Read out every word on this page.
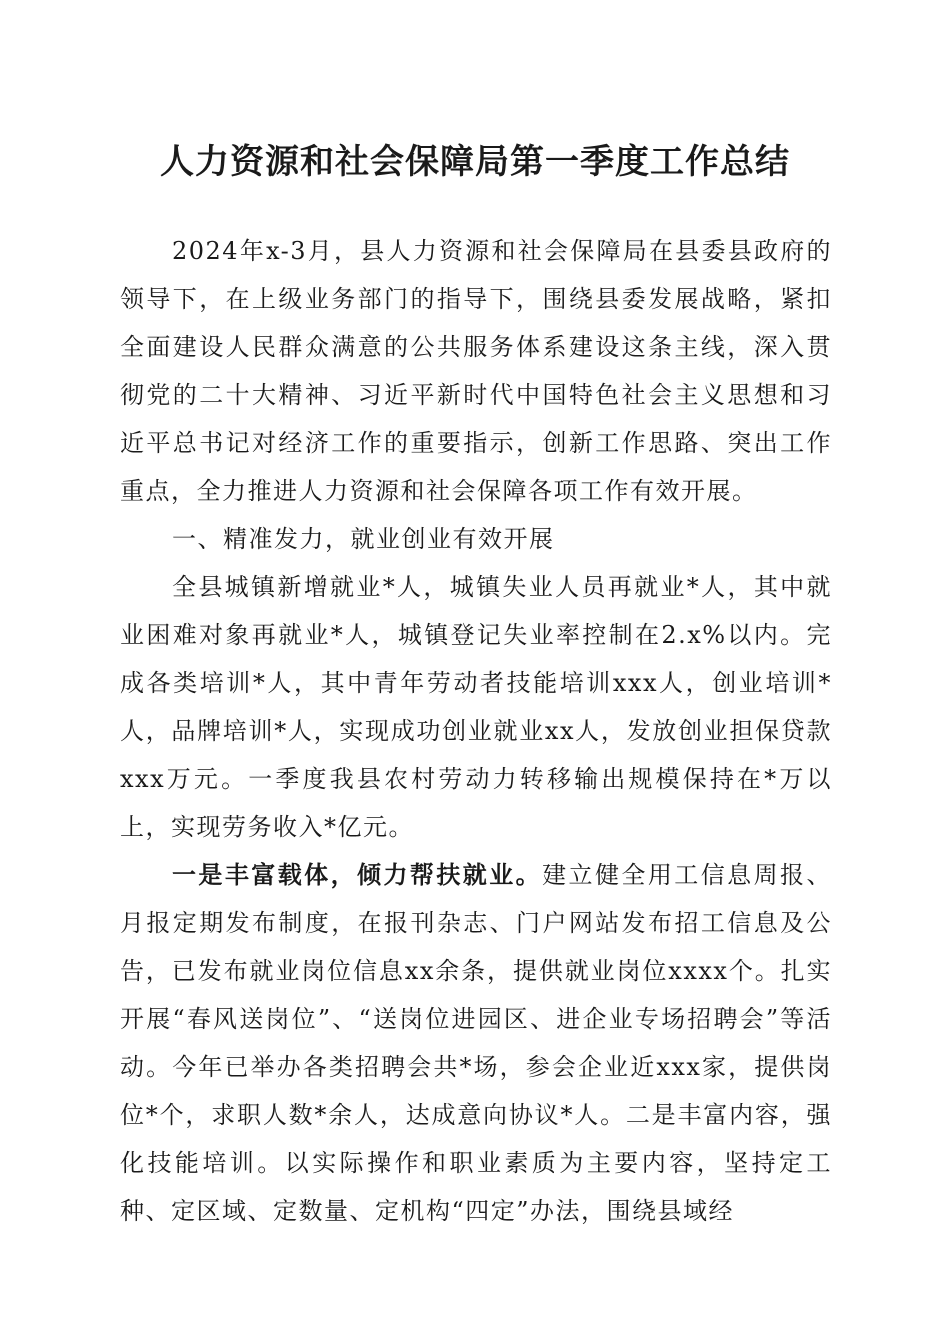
人力资源和社会保障局第一季度工作总结

2024年x-3月，县人力资源和社会保障局在县委县政府的领导下，在上级业务部门的指导下，围绕县委发展战略，紧扣全面建设人民群众满意的公共服务体系建设这条主线，深入贯彻党的二十大精神、习近平新时代中国特色社会主义思想和习近平总书记对经济工作的重要指示，创新工作思路、突出工作重点，全力推进人力资源和社会保障各项工作有效开展。

一、精准发力，就业创业有效开展

全县城镇新增就业*人，城镇失业人员再就业*人，其中就业困难对象再就业*人，城镇登记失业率控制在2.x%以内。完成各类培训*人，其中青年劳动者技能培训xxx人，创业培训*人，品牌培训*人，实现成功创业就业xx人，发放创业担保贷款xxx万元。一季度我县农村劳动力转移输出规模保持在*万以上，实现劳务收入*亿元。

一是丰富载体，倾力帮扶就业。建立健全用工信息周报、月报定期发布制度，在报刊杂志、门户网站发布招工信息及公告，已发布就业岗位信息xx余条，提供就业岗位xxxx个。扎实开展“春风送岗位”、“送岗位进园区、进企业专场招聘会”等活动。今年已举办各类招聘会共*场，参会企业近xxx家，提供岗位*个，求职人数*余人，达成意向协议*人。二是丰富内容，强化技能培训。以实际操作和职业素质为主要内容，坚持定工种、定区域、定数量、定机构“四定”办法，围绕县域经
